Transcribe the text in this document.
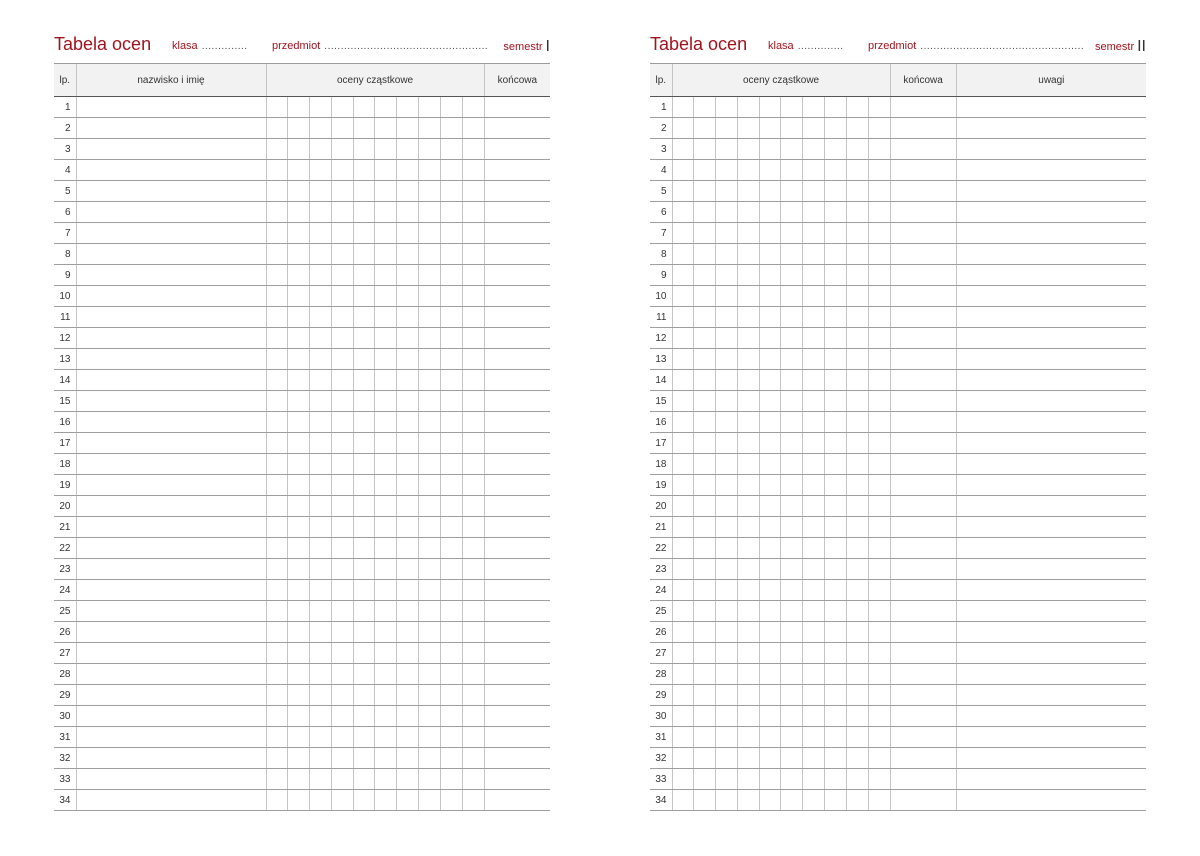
Tabela ocen klasa .............. przedmiot .................................................. semestr I
lp.	nazwisko i imię	oceny cząstkowe										końcowa
1												
2												
3												
4												
5												
6												
7												
8												
9												
10												
11												
12												
13												
14												
15												
16												
17												
18												
19												
20												
21												
22												
23												
24												
25												
26												
27												
28												
29												
30												
31												
32												
33												
34												
Tabela ocen klasa .............. przedmiot .................................................. semestr II
lp.	oceny cząstkowe										końcowa	uwagi
1												
2												
3												
4												
5												
6												
7												
8												
9												
10												
11												
12												
13												
14												
15												
16												
17												
18												
19												
20												
21												
22												
23												
24												
25												
26												
27												
28												
29												
30												
31												
32												
33												
34												
